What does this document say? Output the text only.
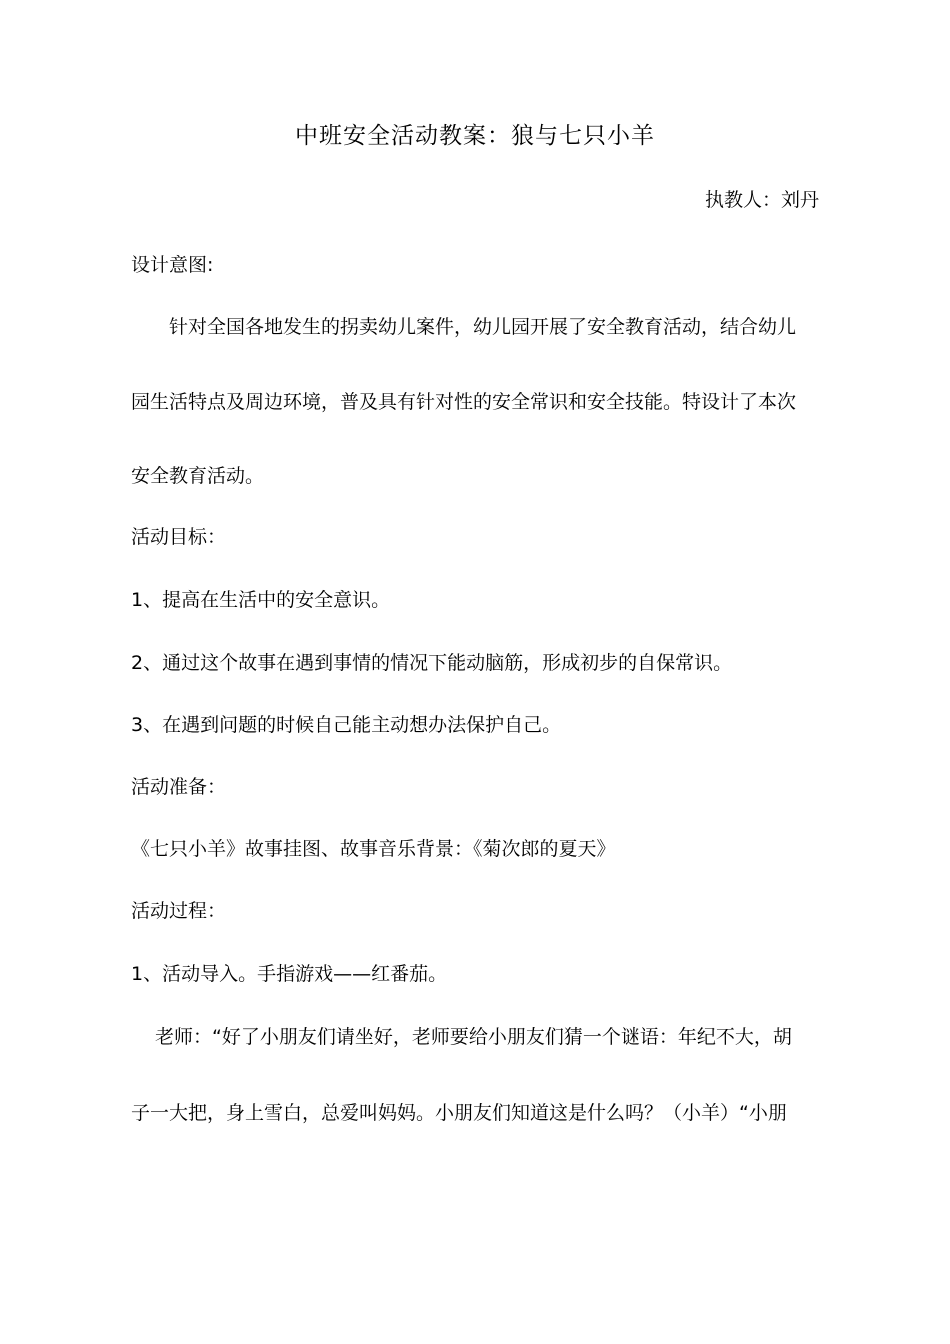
中班安全活动教案：狼与七只小羊
执教人：刘丹
设计意图:
针对全国各地发生的拐卖幼儿案件，幼儿园开展了安全教育活动，结合幼儿
园生活特点及周边环境，普及具有针对性的安全常识和安全技能。特设计了本次
安全教育活动。
活动目标：
1、提高在生活中的安全意识。
2、通过这个故事在遇到事情的情况下能动脑筋，形成初步的自保常识。
3、在遇到问题的时候自己能主动想办法保护自己。
活动准备：
《七只小羊》故事挂图、故事音乐背景：《菊次郎的夏天》
活动过程：
1、活动导入。手指游戏——红番茄。
老师：“好了小朋友们请坐好，老师要给小朋友们猜一个谜语：年纪不大，胡
子一大把，身上雪白，总爱叫妈妈。小朋友们知道这是什么吗？（小羊）“小朋
